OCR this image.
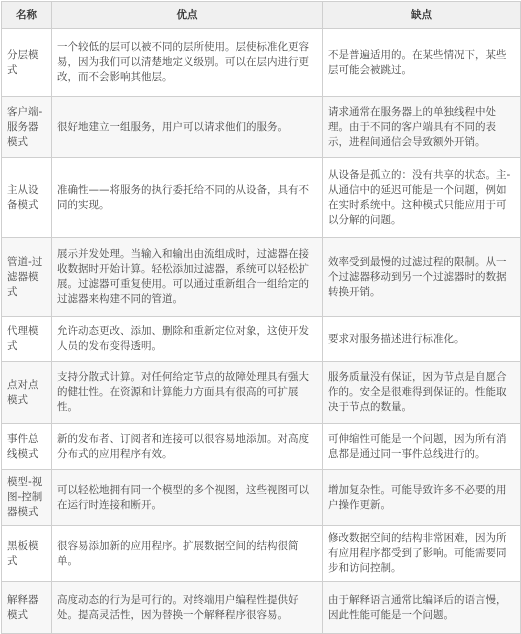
名称	优点	缺点
分层模式	一个较低的层可以被不同的层所使用。层使标准化更容易，因为我们可以清楚地定义级别。可以在层内进行更改，而不会影响其他层。	不是普遍适用的。在某些情况下，某些层可能会被跳过。
客户端-服务器模式	很好地建立一组服务，用户可以请求他们的服务。	请求通常在服务器上的单独线程中处理。由于不同的客户端具有不同的表示，进程间通信会导致额外开销。
主从设备模式	准确性——将服务的执行委托给不同的从设备，具有不同的实现。	从设备是孤立的：没有共享的状态。主-从通信中的延迟可能是一个问题，例如在实时系统中。这种模式只能应用于可以分解的问题。
管道-过滤器模式	展示并发处理。当输入和输出由流组成时，过滤器在接收数据时开始计算。轻松添加过滤器，系统可以轻松扩展。过滤器可重复使用。可以通过重新组合一组给定的过滤器来构建不同的管道。	效率受到最慢的过滤过程的限制。从一个过滤器移动到另一个过滤器时的数据转换开销。
代理模式	允许动态更改、添加、删除和重新定位对象，这使开发人员的发布变得透明。	要求对服务描述进行标准化。
点对点模式	支持分散式计算。对任何给定节点的故障处理具有强大的健壮性。在资源和计算能力方面具有很高的可扩展性。	服务质量没有保证，因为节点是自愿合作的。安全是很难得到保证的。性能取决于节点的数量。
事件总线模式	新的发布者、订阅者和连接可以很容易地添加。对高度分布式的应用程序有效。	可伸缩性可能是一个问题，因为所有消息都是通过同一事件总线进行的。
模型-视图-控制器模式	可以轻松地拥有同一个模型的多个视图，这些视图可以在运行时连接和断开。	增加复杂性。可能导致许多不必要的用户操作更新。
黑板模式	很容易添加新的应用程序。扩展数据空间的结构很简单。	修改数据空间的结构非常困难，因为所有应用程序都受到了影响。可能需要同步和访问控制。
解释器模式	高度动态的行为是可行的。对终端用户编程性提供好处。提高灵活性，因为替换一个解释程序很容易。	由于解释语言通常比编译后的语言慢，因此性能可能是一个问题。
